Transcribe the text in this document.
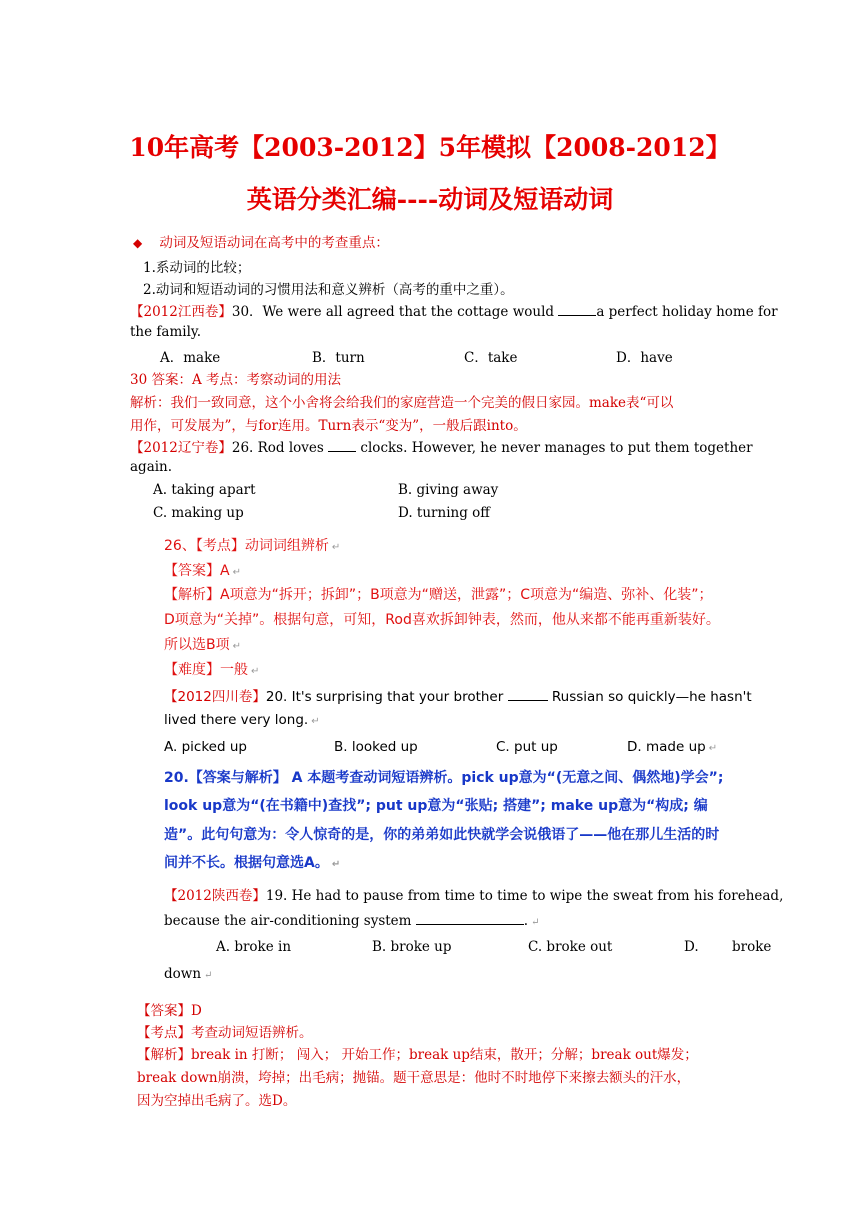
10年高考【2003-2012】5年模拟【2008-2012】
英语分类汇编----动词及短语动词
◆ 动词及短语动词在高考中的考查重点：
1.系动词的比较；
2.动词和短语动词的习惯用法和意义辨析（高考的重中之重）。
【2012江西卷】30．We were all agreed that the cottage would	a perfect holiday home for
the family.
A．make	B．turn	C．take	D．have
30 答案：A 考点：考察动词的用法
解析：我们一致同意，这个小舍将会给我们的家庭营造一个完美的假日家园。make表“可以
用作，可发展为”，与for连用。Turn表示“变为”，一般后跟into。
【2012辽宁卷】26. Rod loves  clocks. However, he never manages to put them together
again.
A. taking apart	B. giving away
C. making up	D. turning off
26、【考点】动词词组辨析 ↵
【答案】A ↵
【解析】A项意为“拆开；拆卸”；B项意为“赠送，泄露”；C项意为“编造、弥补、化装”；
D项意为“关掉”。根据句意，可知，Rod喜欢拆卸钟表，然而，他从来都不能再重新装好。
所以选B项 ↵
【难度】一般 ↵
【2012四川卷】20. It's surprising that your brother	Russian so quickly—he hasn't
lived there very long. ↵
A. picked up	B. looked up	C. put up	D. made up ↵
20.【答案与解析】 A 本题考查动词短语辨析。pick up意为“(无意之间、偶然地)学会”;
look up意为“(在书籍中)查找”; put up意为“张贴; 搭建”; make up意为“构成; 编
造”。此句句意为：令人惊奇的是，你的弟弟如此快就学会说俄语了——他在那儿生活的时
间并不长。根据句意选A。 ↵
【2012陕西卷】19. He had to pause from time to time to wipe the sweat from his forehead,
because the air-conditioning system	. ↵
A. broke in	B. broke up	C. broke out	D. broke
down ↵
【答案】D
【考点】考查动词短语辨析。
【解析】break in 打断； 闯入； 开始工作；break up结束，散开；分解；break out爆发；
break down崩溃，垮掉；出毛病；抛锚。题干意思是：他时不时地停下来擦去额头的汗水，
因为空掉出毛病了。选D。
